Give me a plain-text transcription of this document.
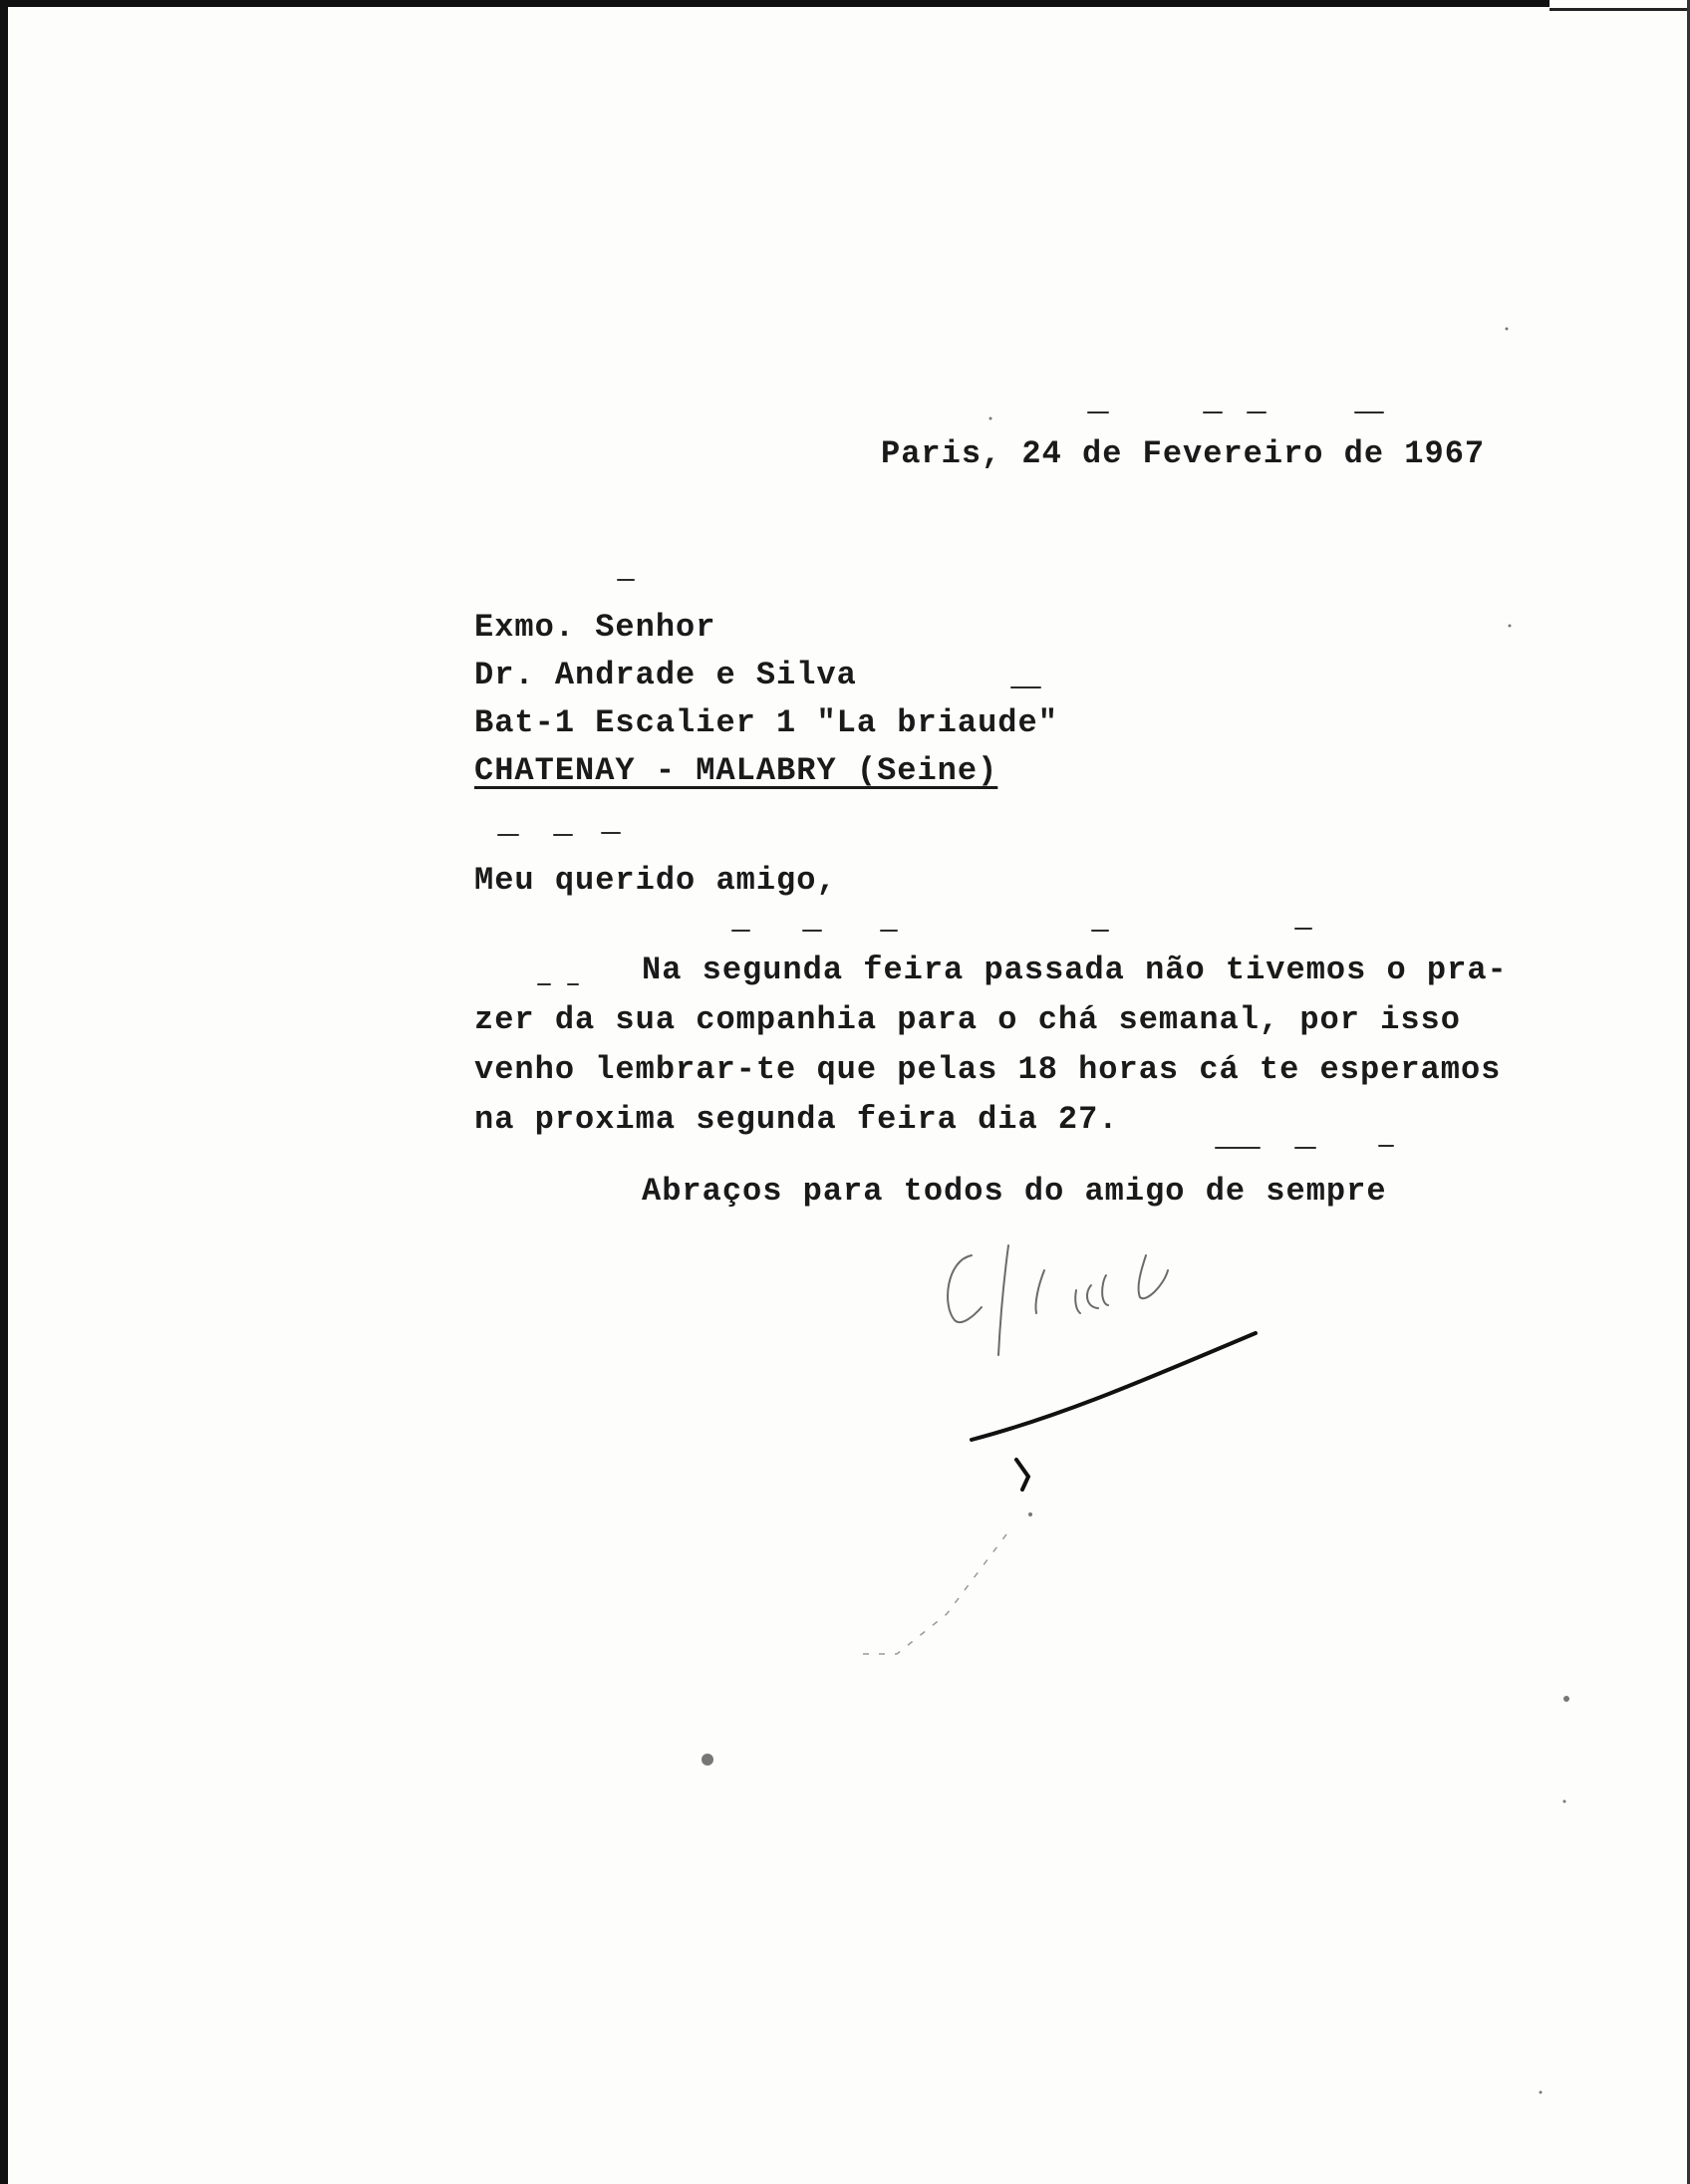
Paris, 24 de Fevereiro de 1967
Exmo. Senhor
Dr. Andrade e Silva
Bat-1 Escalier 1 "La briaude"
CHATENAY - MALABRY (Seine)
Meu querido amigo,
Na segunda feira passada não tivemos o pra-
zer da sua companhia para o chá semanal, por isso
venho lembrar-te que pelas 18 horas cá te esperamos
na proxima segunda feira dia 27.
Abraços para todos do amigo de sempre
